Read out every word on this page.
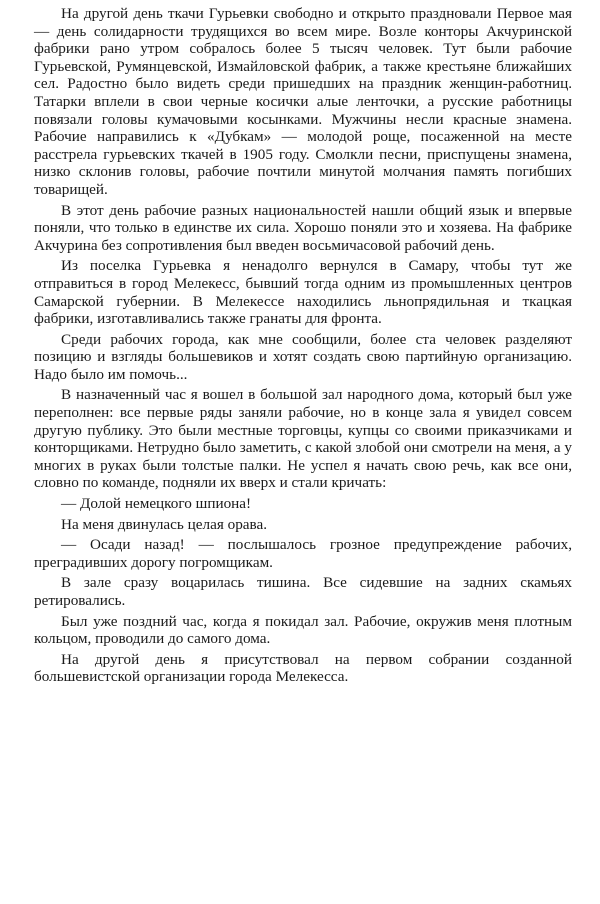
На другой день ткачи Гурьевки свободно и открыто праздновали Первое мая — день солидарности трудящихся во всем мире. Возле конторы Акчуринской фабрики рано утром собралось более 5 тысяч человек. Тут были рабочие Гурьевской, Румянцевской, Измайловской фабрик, а также крестьяне ближайших сел. Радостно было видеть среди пришедших на праздник женщин-работниц. Татарки вплели в свои черные косички алые ленточки, а русские работницы повязали головы кумачовыми косынками. Мужчины несли красные знамена. Рабочие направились к «Дубкам» — молодой роще, посаженной на месте расстрела гурьевских ткачей в 1905 году. Смолкли песни, приспущены знамена, низко склонив головы, рабочие почтили минутой молчания память погибших товарищей.

В этот день рабочие разных национальностей нашли общий язык и впервые поняли, что только в единстве их сила. Хорошо поняли это и хозяева. На фабрике Акчурина без сопротивления был введен восьмичасовой рабочий день.

Из поселка Гурьевка я ненадолго вернулся в Самару, чтобы тут же отправиться в город Мелекесс, бывший тогда одним из промышленных центров Самарской губернии. В Мелекессе находились льнопрядильная и ткацкая фабрики, изготавливались также гранаты для фронта.

Среди рабочих города, как мне сообщили, более ста человек разделяют позицию и взгляды большевиков и хотят создать свою партийную организацию. Надо было им помочь...

В назначенный час я вошел в большой зал народного дома, который был уже переполнен: все первые ряды заняли рабочие, но в конце зала я увидел совсем другую публику. Это были местные торговцы, купцы со своими приказчиками и конторщиками. Нетрудно было заметить, с какой злобой они смотрели на меня, а у многих в руках были толстые палки. Не успел я начать свою речь, как все они, словно по команде, подняли их вверх и стали кричать:

— Долой немецкого шпиона!

На меня двинулась целая орава.

— Осади назад! — послышалось грозное предупреждение рабочих, преградивших дорогу погромщикам.

В зале сразу воцарилась тишина. Все сидевшие на задних скамьях ретировались.

Был уже поздний час, когда я покидал зал. Рабочие, окружив меня плотным кольцом, проводили до самого дома.

На другой день я присутствовал на первом собрании созданной большевистской организации города Мелекесса.
